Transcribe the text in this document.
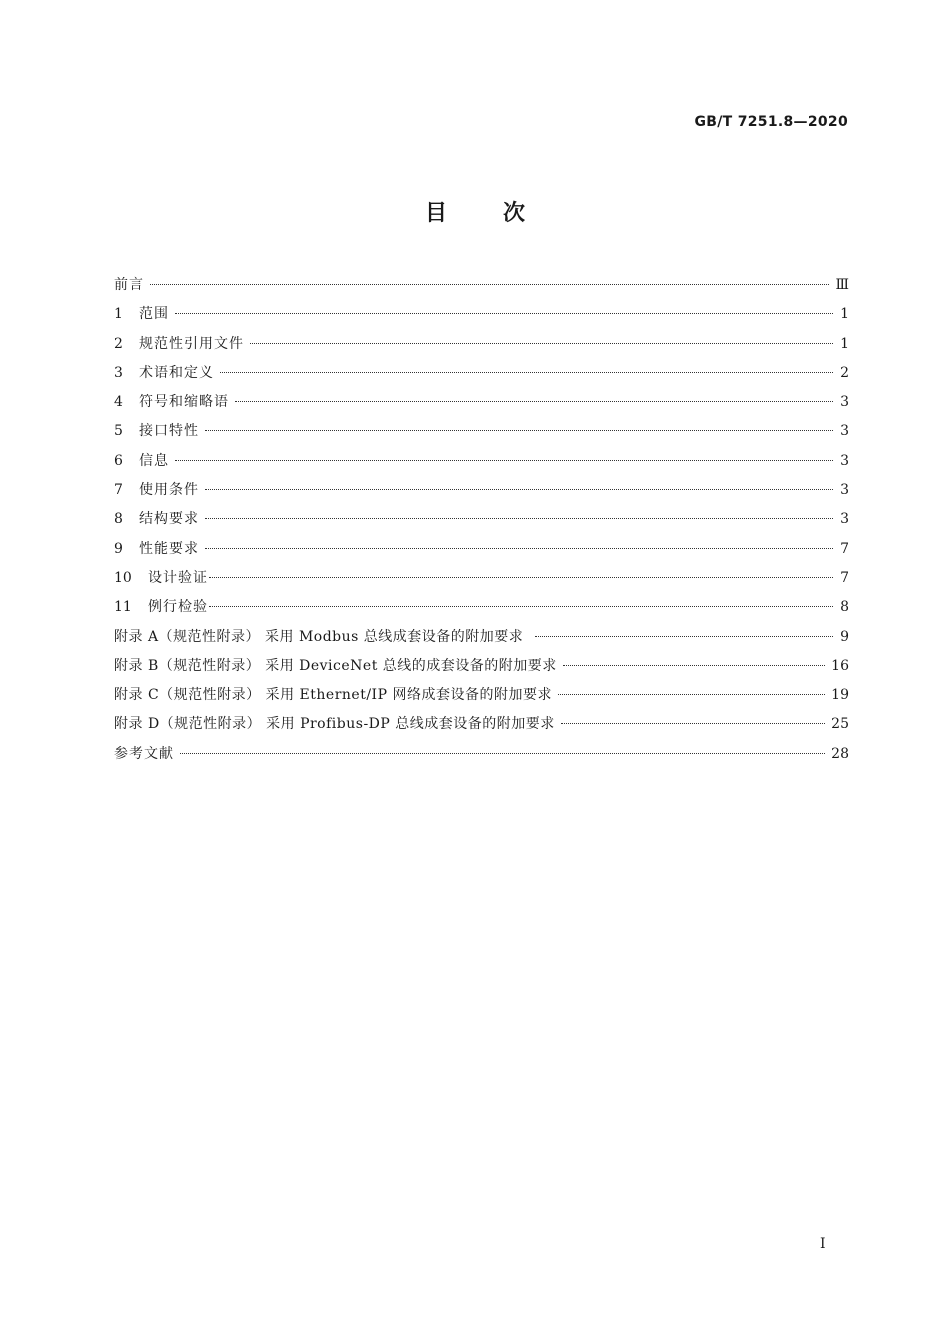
GB/T 7251.8—2020
目次
前言	Ⅲ
1	范围	1
2	规范性引用文件	1
3	术语和定义	2
4	符号和缩略语	3
5	接口特性	3
6	信息	3
7	使用条件	3
8	结构要求	3
9	性能要求	7
10	设计验证	7
11	例行检验	8
附录 A（规范性附录） 采用 Modbus 总线成套设备的附加要求	9
附录 B（规范性附录） 采用 DeviceNet 总线的成套设备的附加要求	16
附录 C（规范性附录） 采用 Ethernet/IP 网络成套设备的附加要求	19
附录 D（规范性附录） 采用 Profibus-DP 总线成套设备的附加要求	25
参考文献	28
I
